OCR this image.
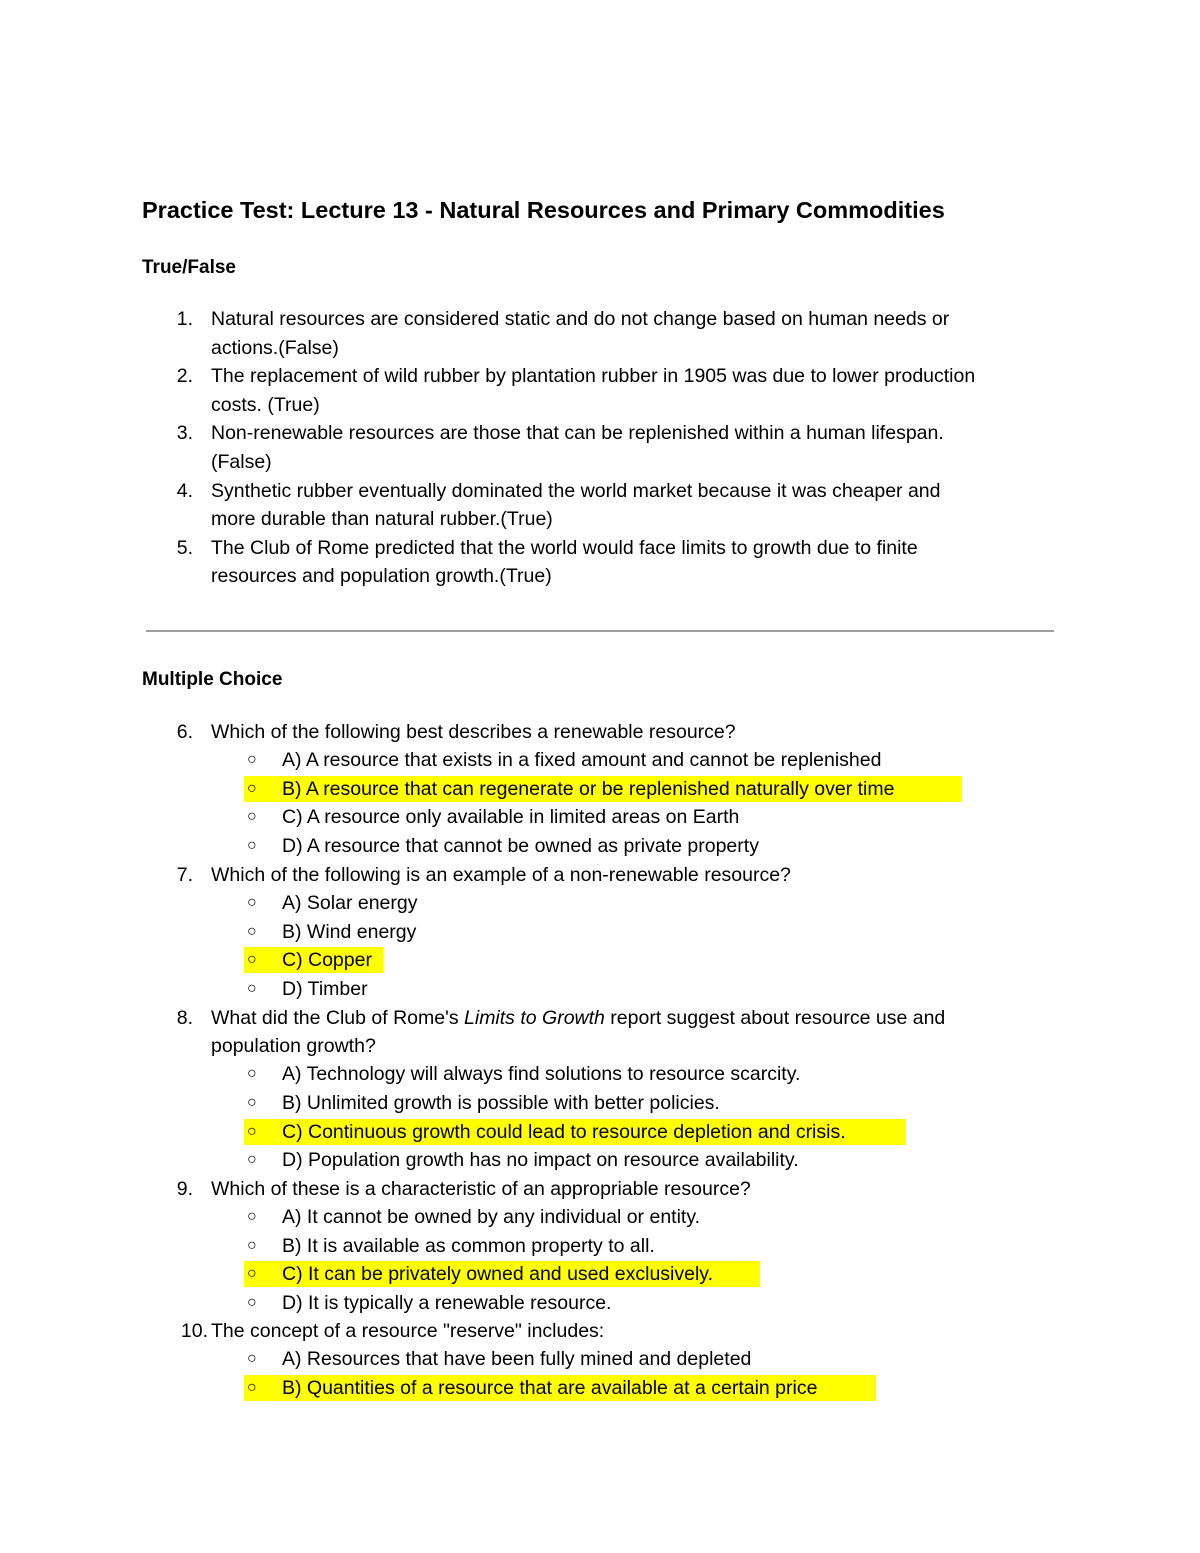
Practice Test: Lecture 13 - Natural Resources and Primary Commodities
True/False
1. Natural resources are considered static and do not change based on human needs or
actions.(False)
2. The replacement of wild rubber by plantation rubber in 1905 was due to lower production
costs. (True)
3. Non-renewable resources are those that can be replenished within a human lifespan.
(False)
4. Synthetic rubber eventually dominated the world market because it was cheaper and
more durable than natural rubber.(True)
5. The Club of Rome predicted that the world would face limits to growth due to finite
resources and population growth.(True)
Multiple Choice
6. Which of the following best describes a renewable resource?
○ A) A resource that exists in a fixed amount and cannot be replenished
○ B) A resource that can regenerate or be replenished naturally over time
○ C) A resource only available in limited areas on Earth
○ D) A resource that cannot be owned as private property
7. Which of the following is an example of a non-renewable resource?
○ A) Solar energy
○ B) Wind energy
○ C) Copper
○ D) Timber
8. What did the Club of Rome's Limits to Growth report suggest about resource use and
population growth?
○ A) Technology will always find solutions to resource scarcity.
○ B) Unlimited growth is possible with better policies.
○ C) Continuous growth could lead to resource depletion and crisis.
○ D) Population growth has no impact on resource availability.
9. Which of these is a characteristic of an appropriable resource?
○ A) It cannot be owned by any individual or entity.
○ B) It is available as common property to all.
○ C) It can be privately owned and used exclusively.
○ D) It is typically a renewable resource.
10. The concept of a resource "reserve" includes:
○ A) Resources that have been fully mined and depleted
○ B) Quantities of a resource that are available at a certain price
